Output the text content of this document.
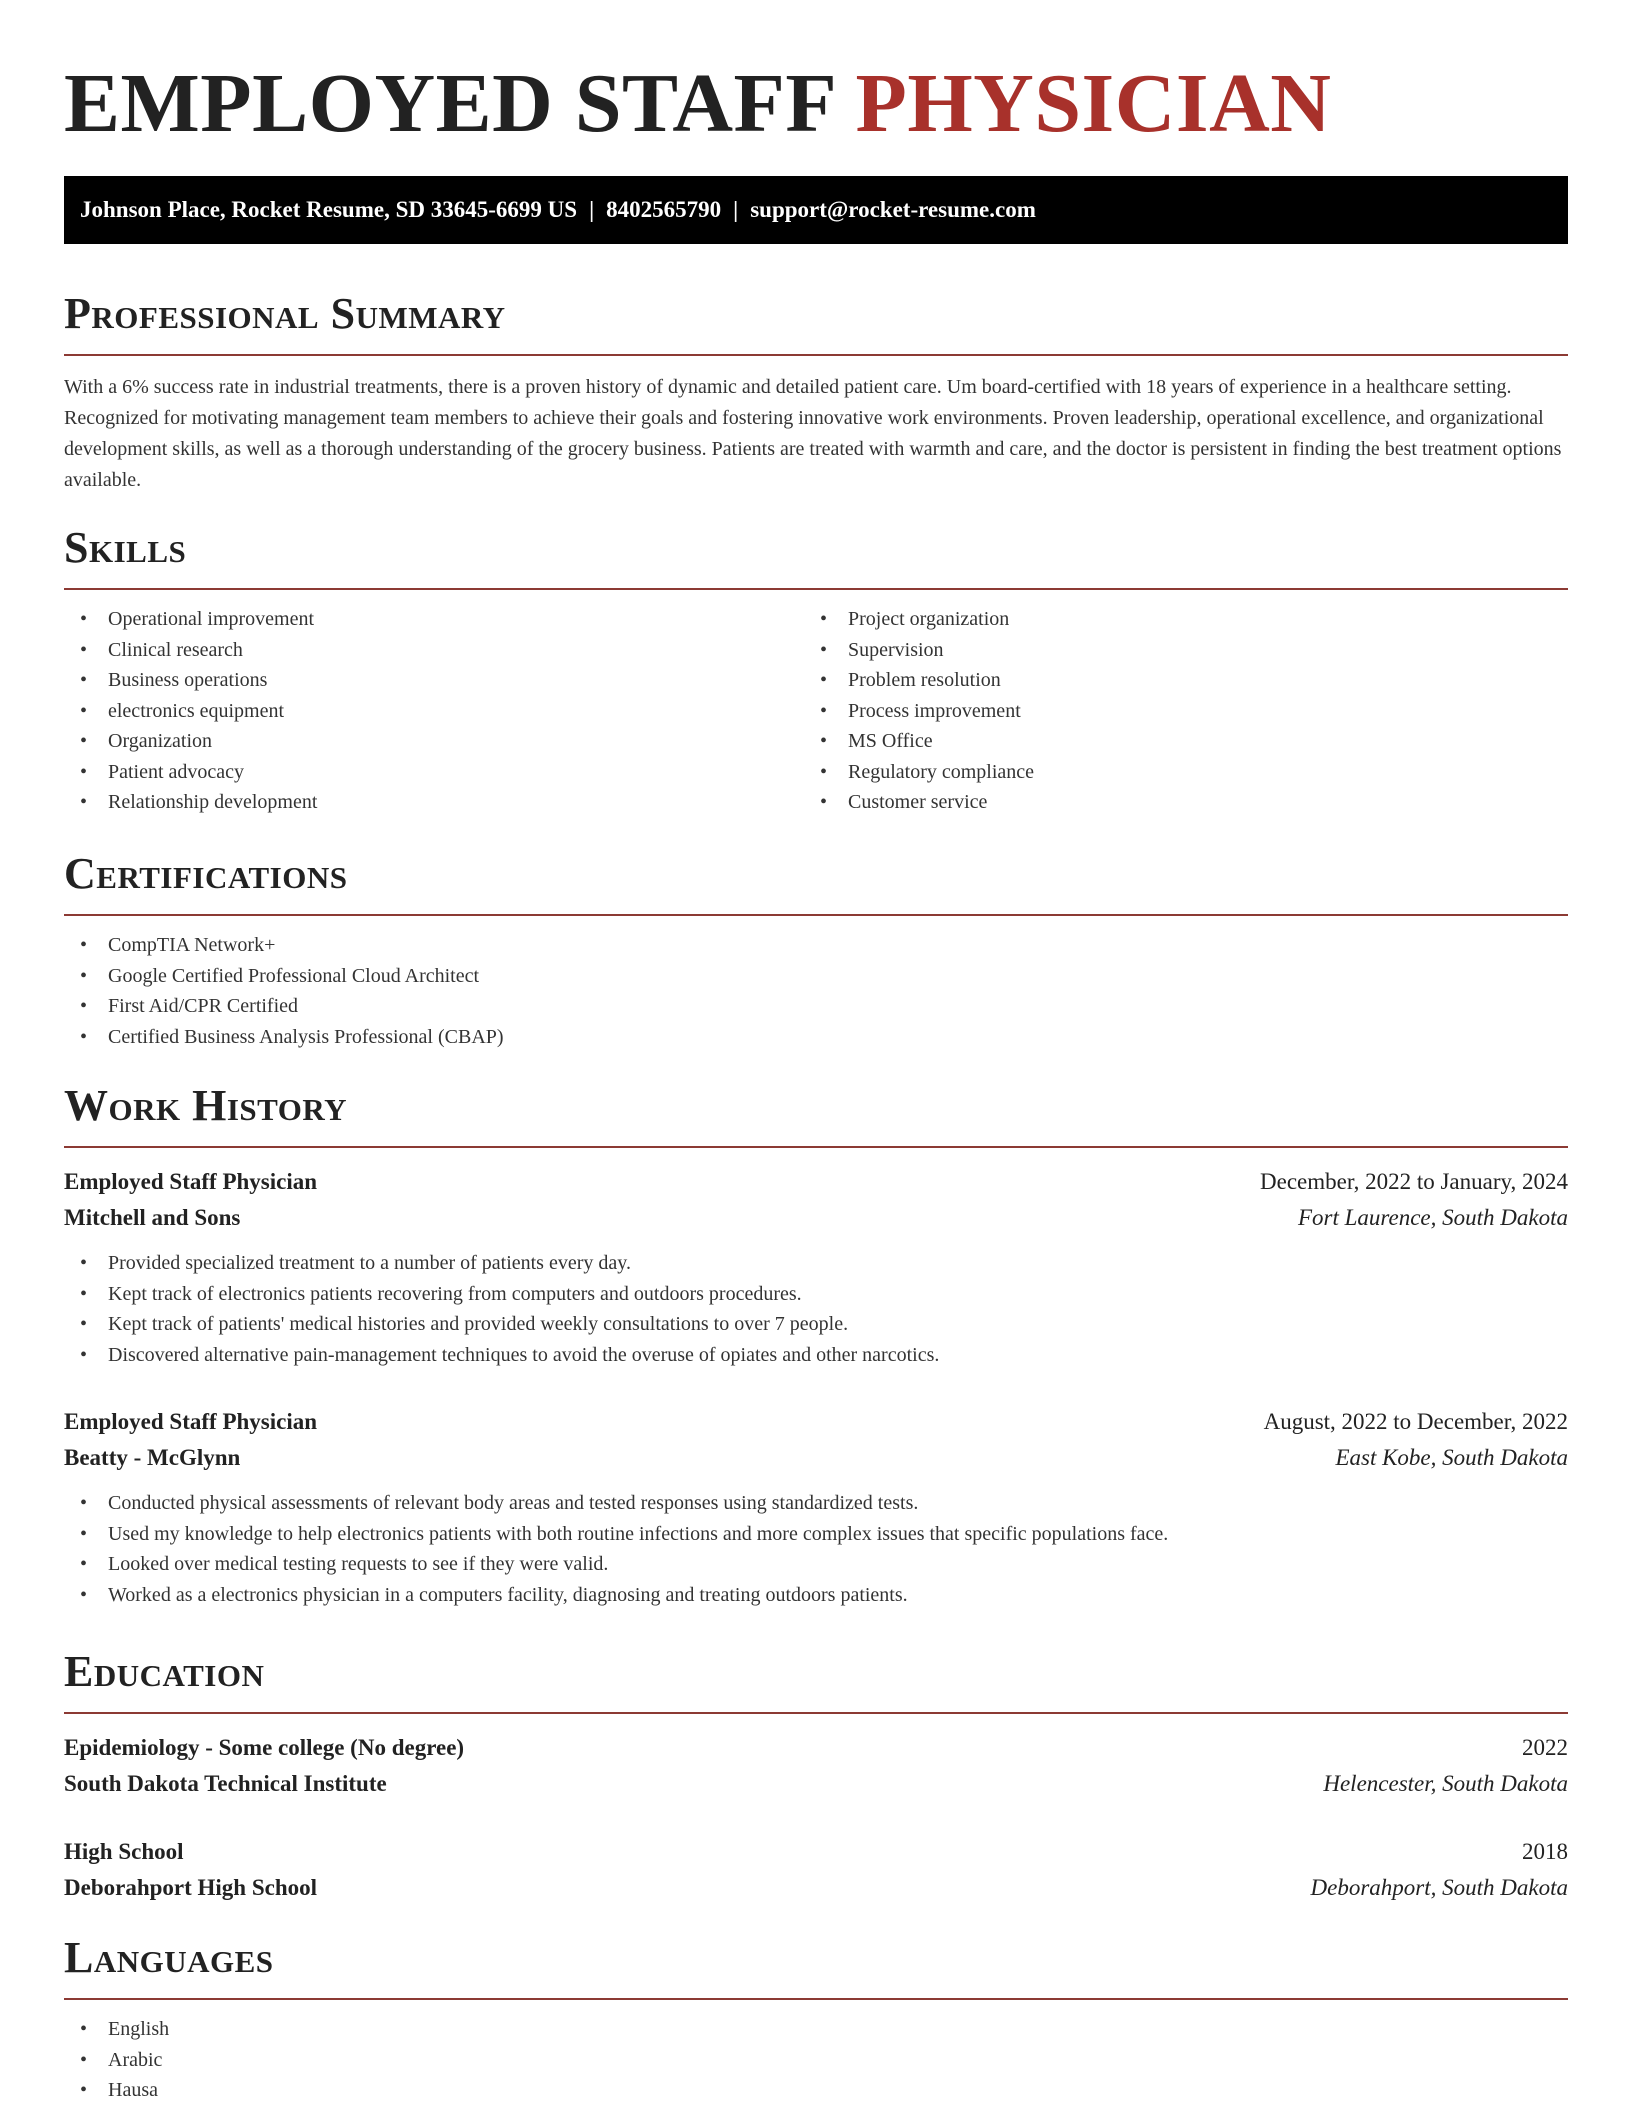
EMPLOYED STAFF PHYSICIAN
Johnson Place, Rocket Resume, SD 33645-6699 US | 8402565790 | support@rocket-resume.com
Professional Summary

With a 6% success rate in industrial treatments, there is a proven history of dynamic and detailed patient care. Um board-certified with 18 years of experience in a healthcare setting. Recognized for motivating management team members to achieve their goals and fostering innovative work environments. Proven leadership, operational excellence, and organizational development skills, as well as a thorough understanding of the grocery business. Patients are treated with warmth and care, and the doctor is persistent in finding the best treatment options available.

Skills
• Operational improvement
• Clinical research
• Business operations
• electronics equipment
• Organization
• Patient advocacy
• Relationship development
• Project organization
• Supervision
• Problem resolution
• Process improvement
• MS Office
• Regulatory compliance
• Customer service
Certifications
• CompTIA Network+
• Google Certified Professional Cloud Architect
• First Aid/CPR Certified
• Certified Business Analysis Professional (CBAP)
Work History
Employed Staff Physician	December, 2022 to January, 2024
Mitchell and Sons	Fort Laurence, South Dakota
• Provided specialized treatment to a number of patients every day.
• Kept track of electronics patients recovering from computers and outdoors procedures.
• Kept track of patients' medical histories and provided weekly consultations to over 7 people.
• Discovered alternative pain-management techniques to avoid the overuse of opiates and other narcotics.
Employed Staff Physician	August, 2022 to December, 2022
Beatty - McGlynn	East Kobe, South Dakota
• Conducted physical assessments of relevant body areas and tested responses using standardized tests.
• Used my knowledge to help electronics patients with both routine infections and more complex issues that specific populations face.
• Looked over medical testing requests to see if they were valid.
• Worked as a electronics physician in a computers facility, diagnosing and treating outdoors patients.
Education
Epidemiology - Some college (No degree)	2022
South Dakota Technical Institute	Helencester, South Dakota
High School	2018
Deborahport High School	Deborahport, South Dakota
Languages
• English
• Arabic
• Hausa
